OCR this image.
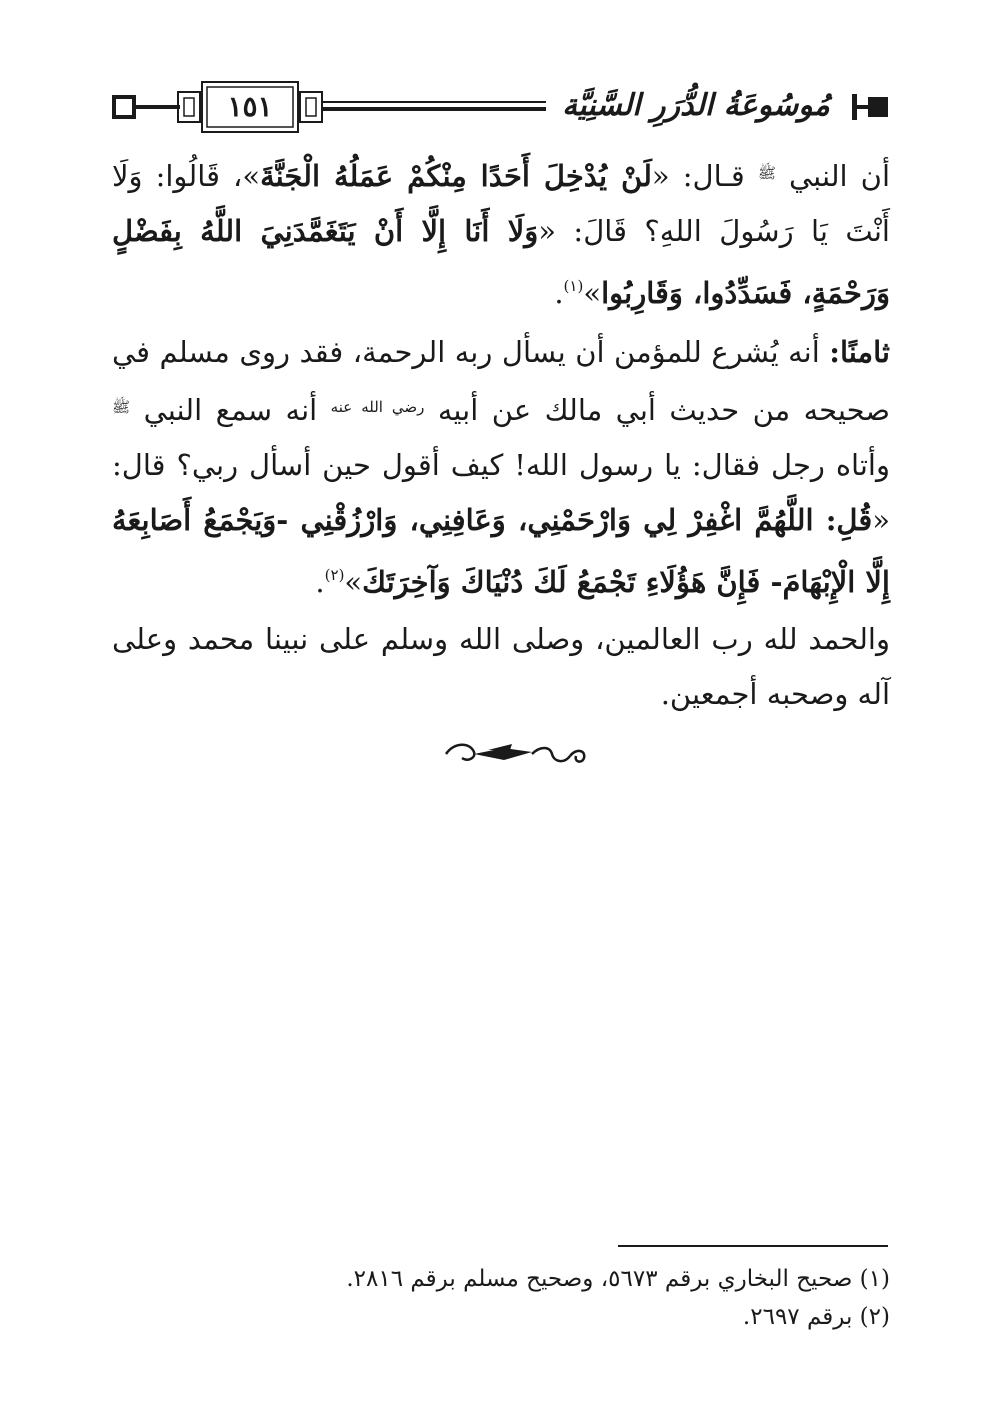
١٥١	مُوسُوعَةُ الدُّرَرِ السَّنِيَّة
أن النبي $^ﷺ$ قـال: «لَنْ يُدْخِلَ أَحَدًا مِنْكُمْ عَمَلُهُ الْجَنَّةَ»، قَالُوا: وَلَا أَنْتَ يَا رَسُولَ اللهِ؟ قَالَ: «وَلَا أَنَا إِلَّا أَنْ يَتَغَمَّدَنِيَ اللَّهُ بِفَضْلٍ وَرَحْمَةٍ، فَسَدِّدُوا، وَقَارِبُوا»$^{(١)}$.
ثامنًا: أنه يُشرع للمؤمن أن يسأل ربه الرحمة، فقد روى مسلم في صحيحه من حديث أبي مالك عن أبيه $^{رضي الله عنه}$ أنه سمع النبي $^ﷺ$ وأتاه رجل فقال: يا رسول الله! كيف أقول حين أسأل ربي؟ قال: «قُلِ: اللَّهُمَّ اغْفِرْ لِي وَارْحَمْنِي، وَعَافِنِي، وَارْزُقْنِي -وَيَجْمَعُ أَصَابِعَهُ إِلَّا الْإِبْهَامَ- فَإِنَّ هَؤُلَاءِ تَجْمَعُ لَكَ دُنْيَاكَ وَآخِرَتَكَ»$^{(٢)}$.
والحمد لله رب العالمين، وصلى الله وسلم على نبينا محمد وعلى آله وصحبه أجمعين.
(١) صحيح البخاري برقم ٥٦٧٣، وصحيح مسلم برقم ٢٨١٦.
(٢) برقم ٢٦٩٧.
